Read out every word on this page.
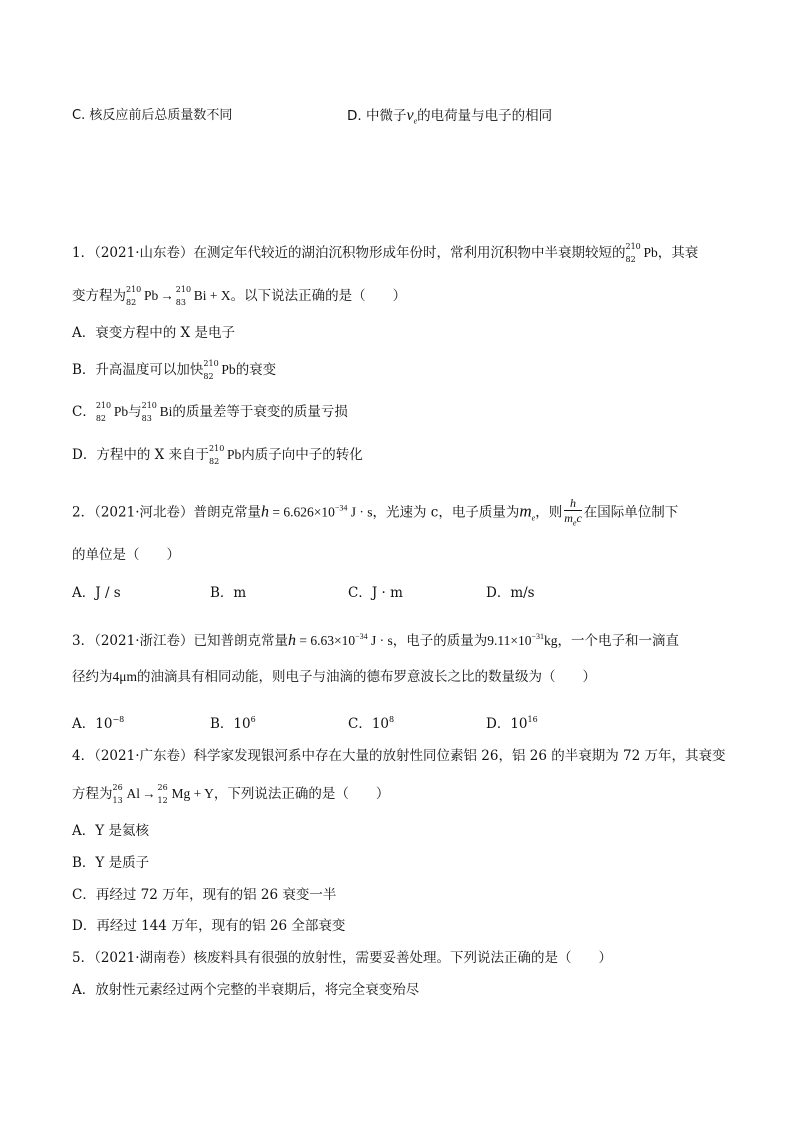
C. 核反应前后总质量数不同	D. 中微子$\nu_e$的电荷量与电子的相同
1．（2021·山东卷）在测定年代较近的湖泊沉积物形成年份时，常利用沉积物中半衰期较短的 210
82 Pb，其衰
变方程为 210
82 Pb → 210
83 Bi + X。以下说法正确的是（　　）
A．衰变方程中的 X 是电子
B．升高温度可以加快 210
82 Pb的衰变
C． 210
82 Pb与 210
83 Bi的质量差等于衰变的质量亏损
D．方程中的 X 来自于 210
82 Pb内质子向中子的转化
2．（2021·河北卷）普朗克常量$h = 6.626\times 10^{-34}$ J · s，光速为 c，电子质量为$m_e$，则 $\frac{h}{m_ec}$ 在国际单位制下
的单位是（　　）
A．J / s	B．m	C．J · m	D．m/s
3．（2021·浙江卷）已知普朗克常量$h = 6.63\times 10^{-34}$ J · s，电子的质量为$9.11\times 10^{-31}kg$，一个电子和一滴直
径约为4μm的油滴具有相同动能，则电子与油滴的德布罗意波长之比的数量级为（　　）
A．$10^{-8}$	B．$10^6$	C．$10^8$	D．$10^{16}$
4．（2021·广东卷）科学家发现银河系中存在大量的放射性同位素铝 26，铝 26 的半衰期为 72 万年，其衰变
方程为 26
13 Al → 26
12 Mg + Y，下列说法正确的是（　　）
A．Y 是氦核
B．Y 是质子
C．再经过 72 万年，现有的铝 26 衰变一半
D．再经过 144 万年，现有的铝 26 全部衰变
5．（2021·湖南卷）核废料具有很强的放射性，需要妥善处理。下列说法正确的是（　　）
A．放射性元素经过两个完整的半衰期后，将完全衰变殆尽
